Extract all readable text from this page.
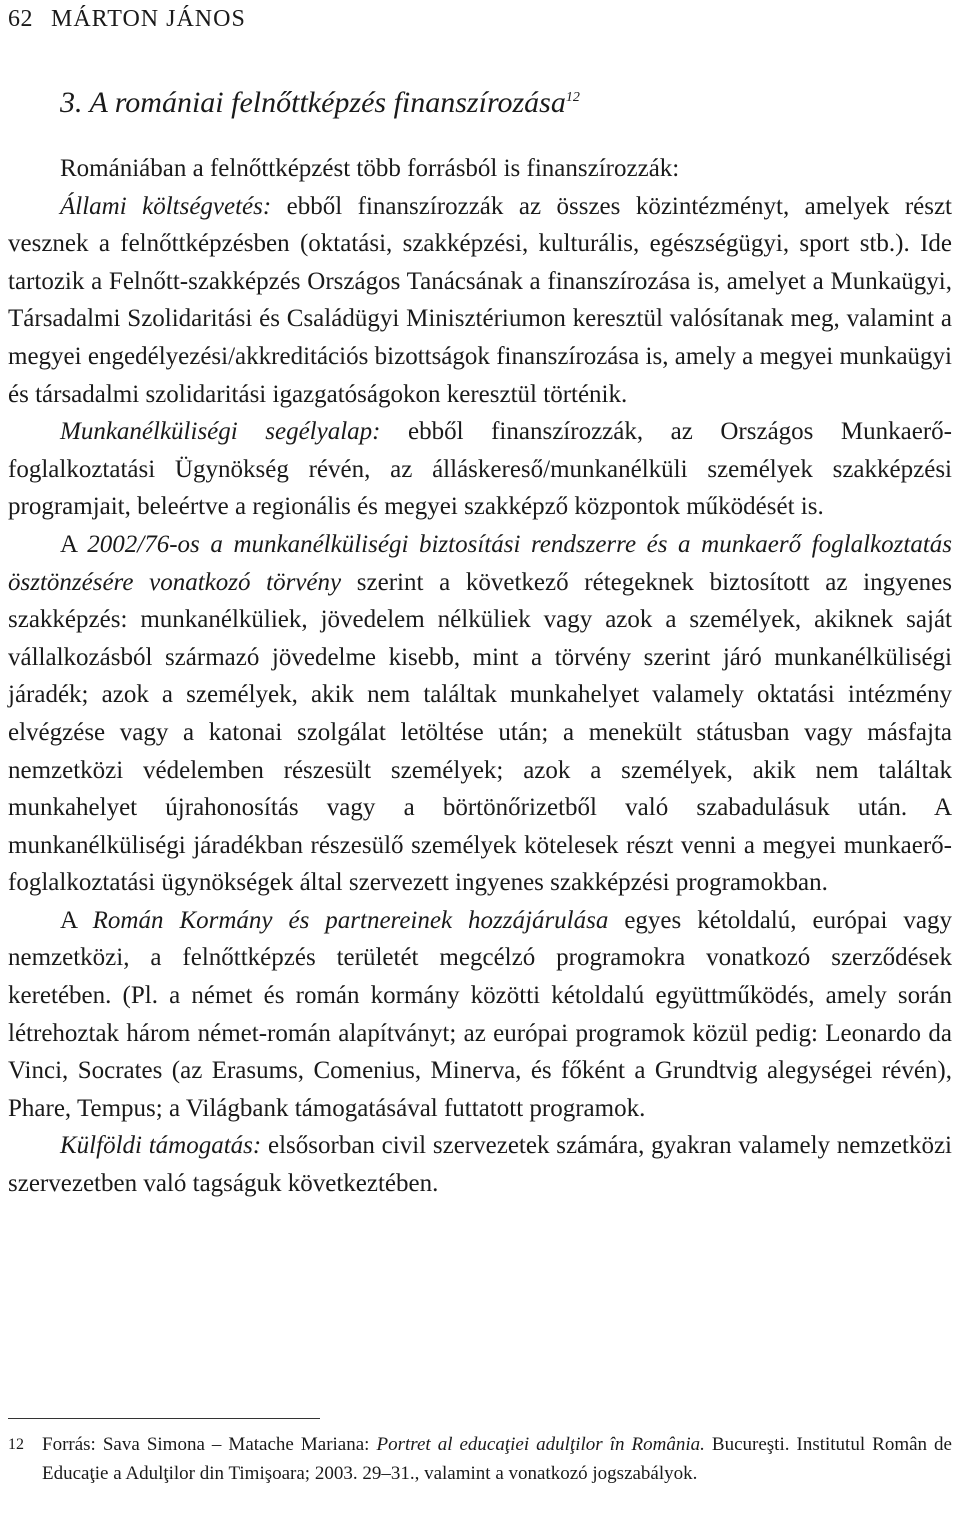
62 MÁRTON JÁNOS
3. A romániai felnőttképzés finanszírozása$^{12}$

Romániában a felnőttképzést több forrásból is finanszírozzák:

Állami költségvetés: ebből finanszírozzák az összes közintézményt, amelyek részt vesznek a felnőttképzésben (oktatási, szakképzési, kulturális, egészségügyi, sport stb.). Ide tartozik a Felnőtt-szakképzés Országos Tanácsának a finanszírozása is, amelyet a Munkaügyi, Társadalmi Szolidaritási és Családügyi Minisztériumon keresztül valósítanak meg, valamint a megyei engedélyezési/akkreditációs bizottságok finanszírozása is, amely a megyei munkaügyi és társadalmi szolidaritási igazgatóságokon keresztül történik.

Munkanélküliségi segélyalap: ebből finanszírozzák, az Országos Munkaerő-foglalkoztatási Ügynökség révén, az álláskereső/munkanélküli személyek szakképzési programjait, beleértve a regionális és megyei szakképző központok működését is.

A 2002/76-os a munkanélküliségi biztosítási rendszerre és a munkaerő foglalkoztatás ösztönzésére vonatkozó törvény szerint a következő rétegeknek biztosított az ingyenes szakképzés: munkanélküliek, jövedelem nélküliek vagy azok a személyek, akiknek saját vállalkozásból származó jövedelme kisebb, mint a törvény szerint járó munkanélküliségi járadék; azok a személyek, akik nem találtak munkahelyet valamely oktatási intézmény elvégzése vagy a katonai szolgálat letöltése után; a menekült státusban vagy másfajta nemzetközi védelemben részesült személyek; azok a személyek, akik nem találtak munkahelyet újrahonosítás vagy a börtönőrizetből való szabadulásuk után. A munkanélküliségi járadékban részesülő személyek kötelesek részt venni a megyei munkaerő-foglalkoztatási ügynökségek által szervezett ingyenes szakképzési programokban.

A Román Kormány és partnereinek hozzájárulása egyes kétoldalú, európai vagy nemzetközi, a felnőttképzés területét megcélzó programokra vonatkozó szerződések keretében. (Pl. a német és román kormány közötti kétoldalú együttműködés, amely során létrehoztak három német-román alapítványt; az európai programok közül pedig: Leonardo da Vinci, Socrates (az Erasums, Comenius, Minerva, és főként a Grundtvig alegységei révén), Phare, Tempus; a Világbank támogatásával futtatott programok.

Külföldi támogatás: elsősorban civil szervezetek számára, gyakran valamely nemzetközi szervezetben való tagságuk következtében.

12 Forrás: Sava Simona – Matache Mariana: Portret al educaţiei adulţilor în România. Bucureşti. Institutul Român de Educaţie a Adulţilor din Timişoara; 2003. 29–31., valamint a vonatkozó jogszabályok.
